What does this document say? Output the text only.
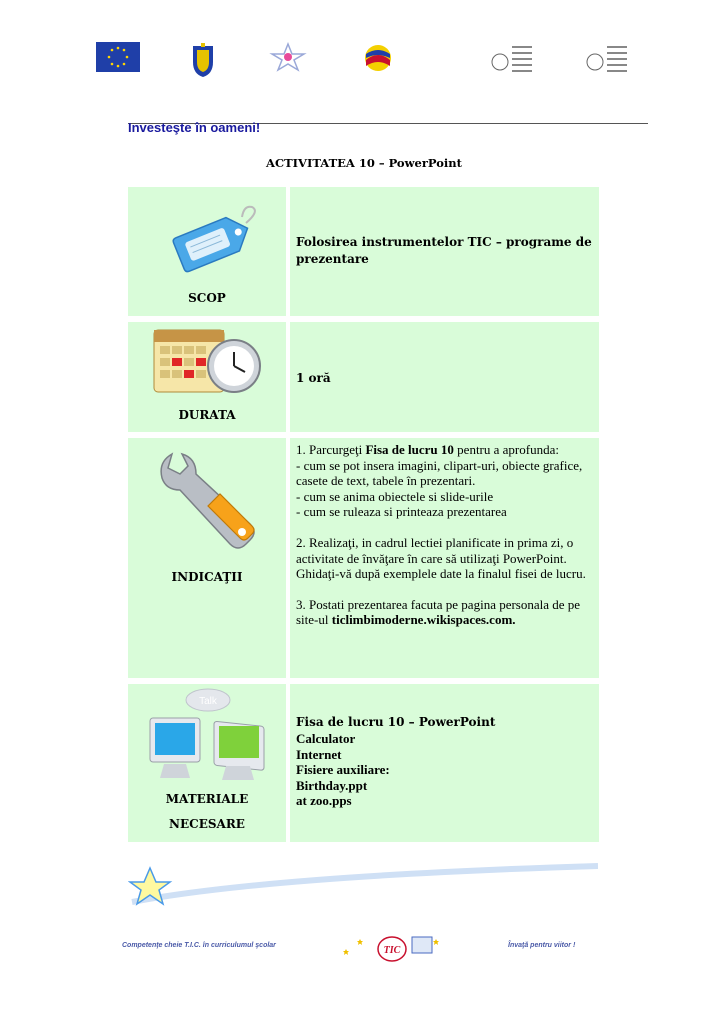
Investeşte în oameni!
ACTIVITATEA 10 – PowerPoint
SCOP
Folosirea instrumentelor TIC – programe de prezentare
DURATA
1 oră
INDICAŢII
1. Parcurgeţi Fisa de lucru 10 pentru a aprofunda:
- cum se pot insera imagini, clipart-uri, obiecte grafice, casete de text, tabele în prezentari.
- cum se anima obiectele si slide-urile
- cum se ruleaza si printeaza prezentarea
2. Realizaţi, in cadrul lectiei planificate in prima zi, o activitate de învăţare în care să utilizaţi PowerPoint.
Ghidaţi-vă după exemplele date la finalul fisei de lucru.
3. Postati prezentarea facuta pe pagina personala de pe site-ul ticlimbimoderne.wikispaces.com.
Talk
MATERIALE
NECESARE
Fisa de lucru 10 – PowerPoint
Calculator
Internet
Fisiere auxiliare:
Birthday.ppt
at zoo.pps
Competenţe cheie T.I.C. în curriculumul şcolar	TIC	Învaţă pentru viitor !
